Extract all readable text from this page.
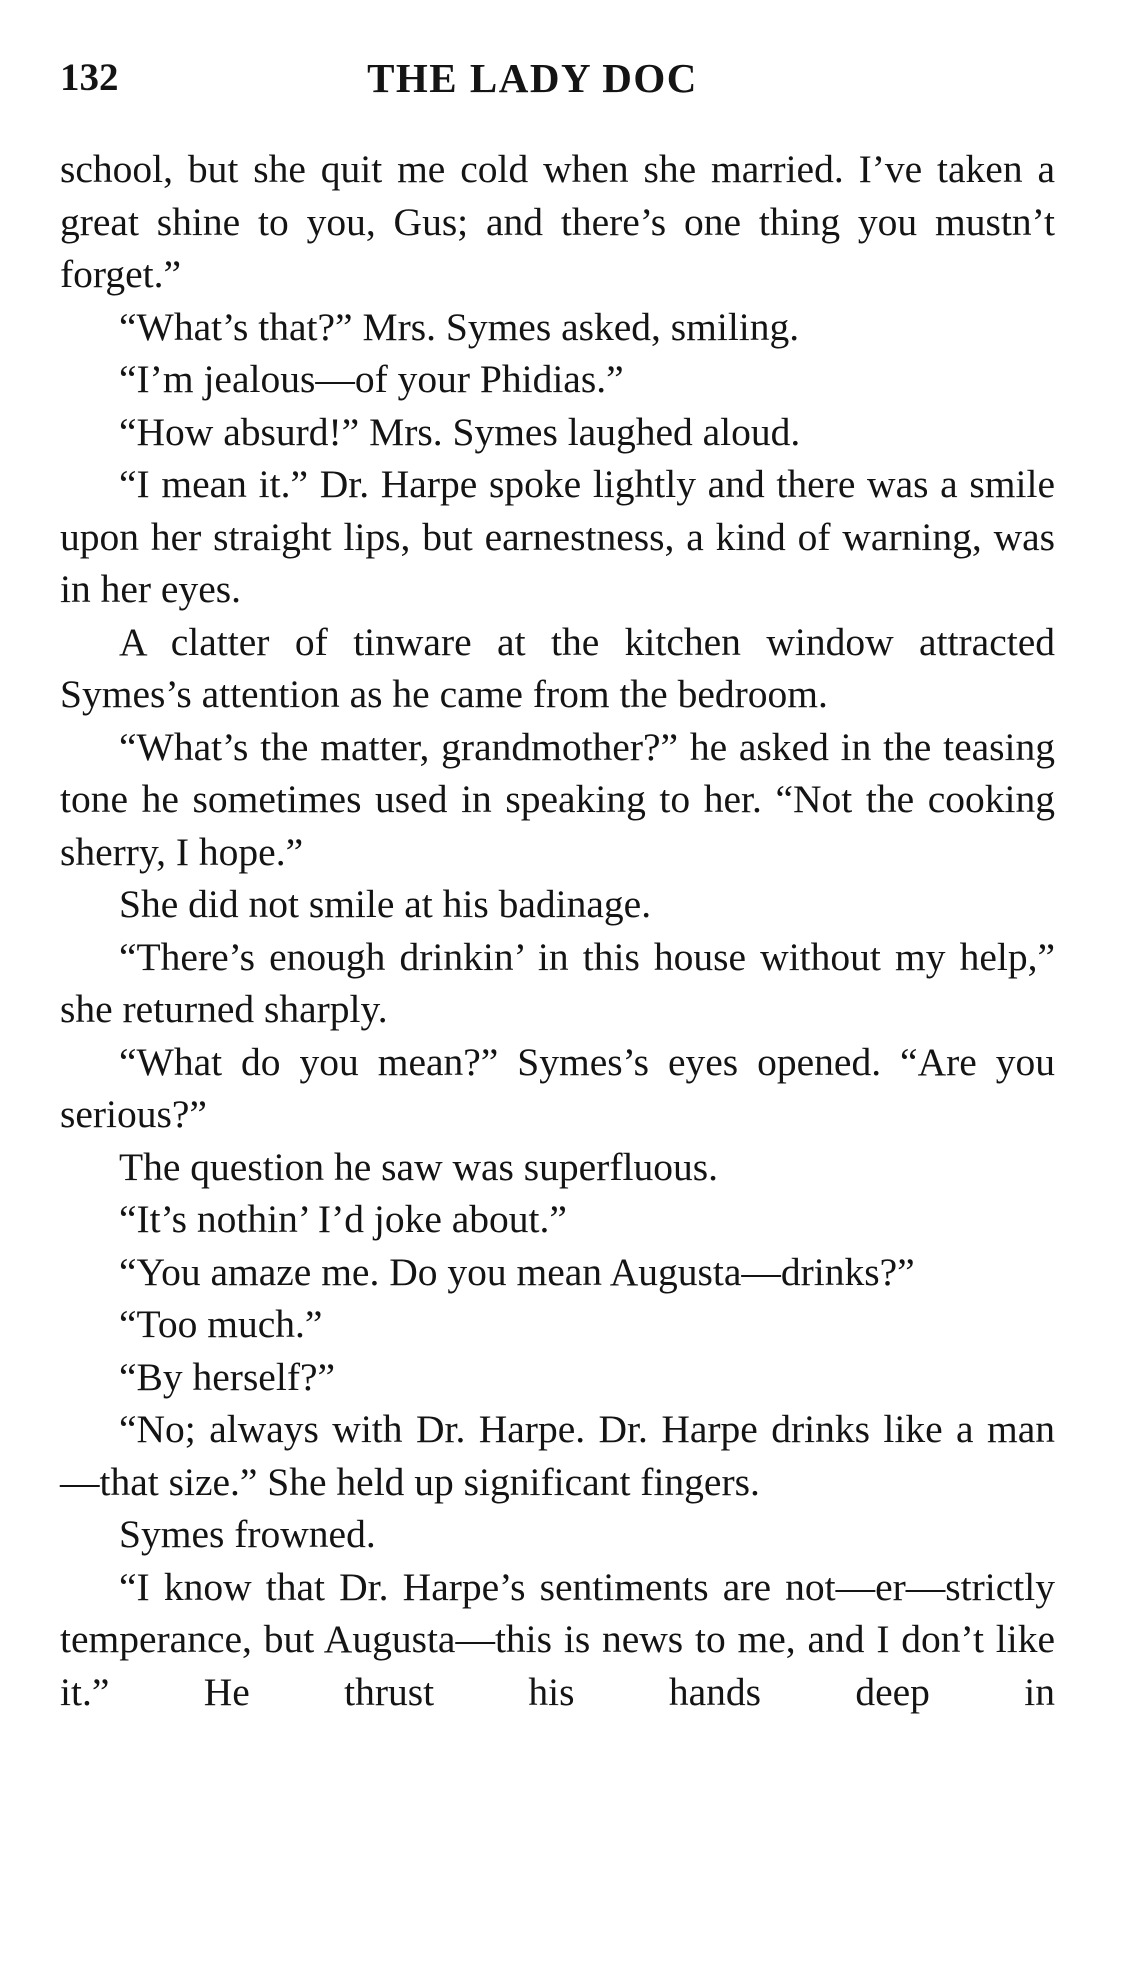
132	THE LADY DOC

school, but she quit me cold when she married. I’ve taken a great shine to you, Gus; and there’s one thing you mustn’t forget.”

“What’s that?” Mrs. Symes asked, smiling.

“I’m jealous—of your Phidias.”

“How absurd!” Mrs. Symes laughed aloud.

“I mean it.” Dr. Harpe spoke lightly and there was a smile upon her straight lips, but earnestness, a kind of warning, was in her eyes.

A clatter of tinware at the kitchen window attracted Symes’s attention as he came from the bedroom.

“What’s the matter, grandmother?” he asked in the teasing tone he sometimes used in speaking to her. “Not the cooking sherry, I hope.”

She did not smile at his badinage.

“There’s enough drinkin’ in this house without my help,” she returned sharply.

“What do you mean?” Symes’s eyes opened. “Are you serious?”

The question he saw was superfluous.

“It’s nothin’ I’d joke about.”

“You amaze me. Do you mean Augusta—drinks?”

“Too much.”

“By herself?”

“No; always with Dr. Harpe. Dr. Harpe drinks like a man—that size.” She held up significant fingers.

Symes frowned.

“I know that Dr. Harpe’s sentiments are not—er—strictly temperance, but Augusta—this is news to me, and I don’t like it.” He thrust his hands deep in
